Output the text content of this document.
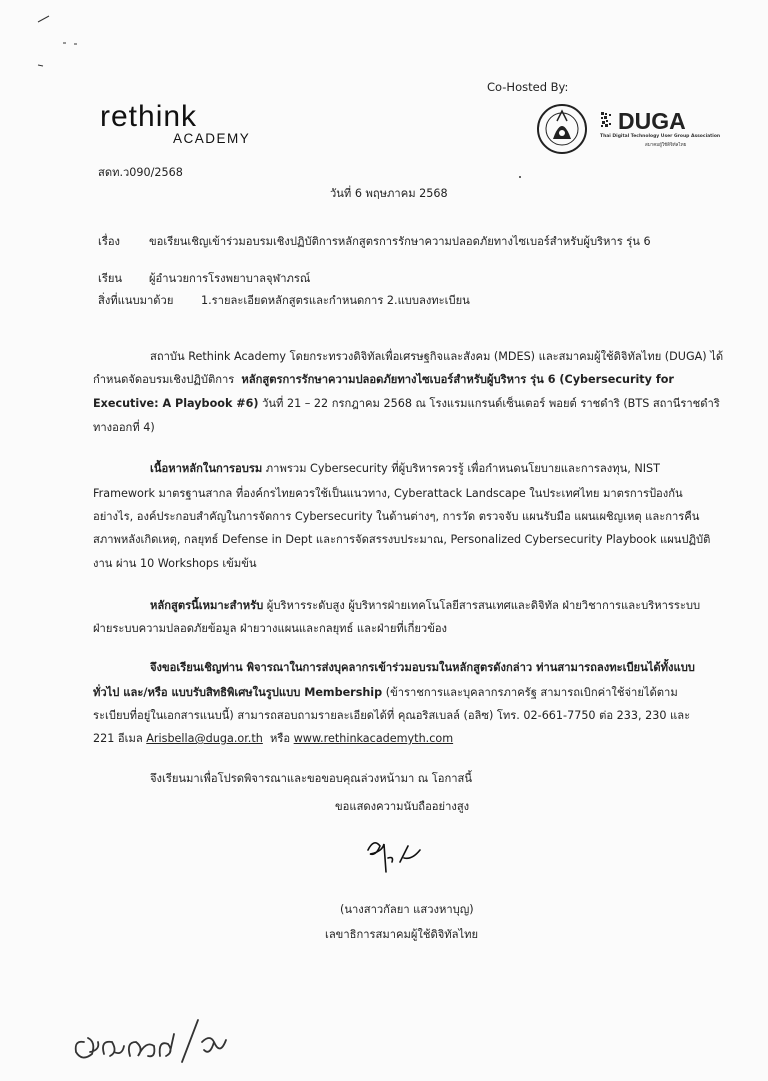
rethink
ACADEMY
Co-Hosted By:
DUGA
Thai Digital Technology User Group Association
สมาคมผู้ใช้ดิจิทัลไทย
สดท.ว090/2568
วันที่ 6 พฤษภาคม 2568
เรื่อง	ขอเรียนเชิญเข้าร่วมอบรมเชิงปฏิบัติการหลักสูตรการรักษาความปลอดภัยทางไซเบอร์สำหรับผู้บริหาร รุ่น 6
เรียน ผู้อำนวยการโรงพยาบาลจุฬาภรณ์
สิ่งที่แนบมาด้วย 1.รายละเอียดหลักสูตรและกำหนดการ 2.แบบลงทะเบียน
สถาบัน Rethink Academy โดยกระทรวงดิจิทัลเพื่อเศรษฐกิจและสังคม (MDES) และสมาคมผู้ใช้ดิจิทัลไทย (DUGA) ได้
กำหนดจัดอบรมเชิงปฏิบัติการ หลักสูตรการรักษาความปลอดภัยทางไซเบอร์สำหรับผู้บริหาร รุ่น 6 (Cybersecurity for
Executive: A Playbook #6) วันที่ 21 – 22 กรกฎาคม 2568 ณ โรงแรมแกรนด์เซ็นเตอร์ พอยต์ ราชดำริ (BTS สถานีราชดำริ
ทางออกที่ 4)
เนื้อหาหลักในการอบรม ภาพรวม Cybersecurity ที่ผู้บริหารควรรู้ เพื่อกำหนดนโยบายและการลงทุน, NIST
Framework มาตรฐานสากล ที่องค์กรไทยควรใช้เป็นแนวทาง, Cyberattack Landscape ในประเทศไทย มาตรการป้องกัน
อย่างไร, องค์ประกอบสำคัญในการจัดการ Cybersecurity ในด้านต่างๆ, การวัด ตรวจจับ แผนรับมือ แผนเผชิญเหตุ และการคืน
สภาพหลังเกิดเหตุ, กลยุทธ์ Defense in Dept และการจัดสรรงบประมาณ, Personalized Cybersecurity Playbook แผนปฏิบัติ
งาน ผ่าน 10 Workshops เข้มข้น
หลักสูตรนี้เหมาะสำหรับ ผู้บริหารระดับสูง ผู้บริหารฝ่ายเทคโนโลยีสารสนเทศและดิจิทัล ฝ่ายวิชาการและบริหารระบบ
ฝ่ายระบบความปลอดภัยข้อมูล ฝ่ายวางแผนและกลยุทธ์ และฝ่ายที่เกี่ยวข้อง
จึงขอเรียนเชิญท่าน พิจารณาในการส่งบุคลากรเข้าร่วมอบรมในหลักสูตรดังกล่าว ท่านสามารถลงทะเบียนได้ทั้งแบบ
ทั่วไป และ/หรือ แบบรับสิทธิพิเศษในรูปแบบ Membership (ข้าราชการและบุคลากรภาครัฐ สามารถเบิกค่าใช้จ่ายได้ตาม
ระเบียบที่อยู่ในเอกสารแนบนี้) สามารถสอบถามรายละเอียดได้ที่ คุณอริสเบลล์ (อลิซ) โทร. 02-661-7750 ต่อ 233, 230 และ
221 อีเมล Arisbella@duga.or.th หรือ www.rethinkacademyth.com
จึงเรียนมาเพื่อโปรดพิจารณาและขอขอบคุณล่วงหน้ามา ณ โอกาสนี้
ขอแสดงความนับถืออย่างสูง
(นางสาวกัลยา แสวงหาบุญ)
เลขาธิการสมาคมผู้ใช้ดิจิทัลไทย
